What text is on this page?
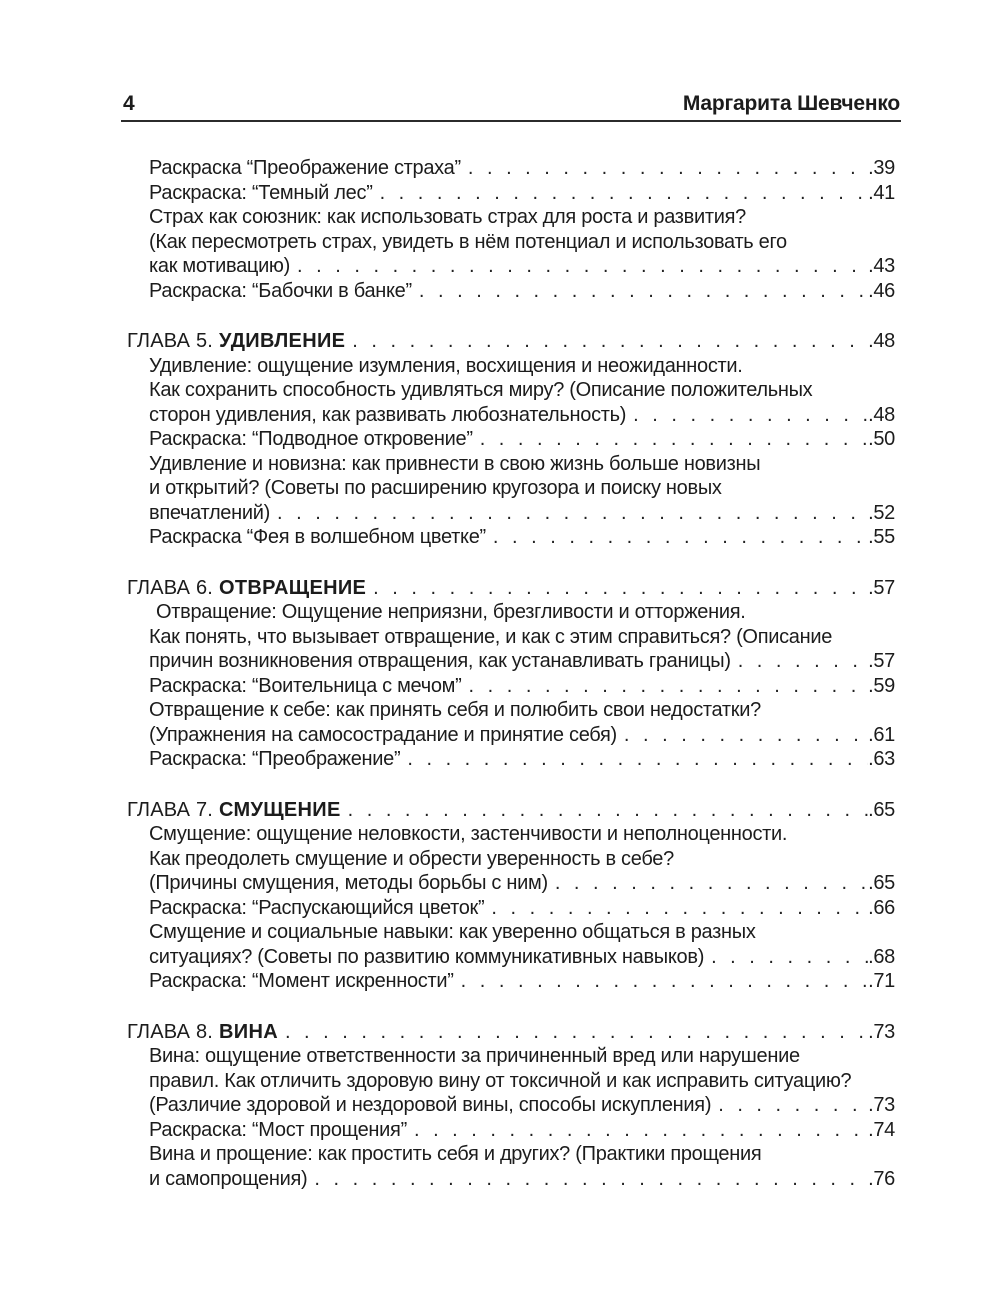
4	Маргарита Шевченко
Раскраска “Преображение страха” . . .	. 39
Раскраска: “Темный лес” . . .	. 41
Страх как союзник: как использовать страх для роста и развития?
(Как пересмотреть страх, увидеть в нём потенциал и использовать его
как мотивацию) . . .	. 43
Раскраска: “Бабочки в банке” . . .	. 46
ГЛАВА 5. УДИВЛЕНИЕ . . .	. 48
Удивление: ощущение изумления, восхищения и неожиданности.
Как сохранить способность удивляться миру? (Описание положительных
сторон удивления, как развивать любознательность) . . .	. 48
Раскраска: “Подводное откровение” . . .	. 50
Удивление и новизна: как привнести в свою жизнь больше новизны
и открытий? (Советы по расширению кругозора и поиску новых
впечатлений) . . .	. 52
Раскраска “Фея в волшебном цветке” . . .	. 55
ГЛАВА 6. ОТВРАЩЕНИЕ . . .	. 57
Отвращение: Ощущение неприязни, брезгливости и отторжения.
Как понять, что вызывает отвращение, и как с этим справиться? (Описание
причин возникновения отвращения, как устанавливать границы) . . .	. 57
Раскраска: “Воительница с мечом” . . .	. 59
Отвращение к себе: как принять себя и полюбить свои недостатки?
(Упражнения на самосострадание и принятие себя) . . .	. 61
Раскраска: “Преображение” . . .	. 63
ГЛАВА 7. СМУЩЕНИЕ . . .	. 65
Смущение: ощущение неловкости, застенчивости и неполноценности.
Как преодолеть смущение и обрести уверенность в себе?
(Причины смущения, методы борьбы с ним) . . .	. 65
Раскраска: “Распускающийся цветок” . . .	. 66
Смущение и социальные навыки: как уверенно общаться в разных
ситуациях? (Советы по развитию коммуникативных навыков) . . .	. 68
Раскраска: “Момент искренности” . . .	. 71
ГЛАВА 8. ВИНА . . .	. 73
Вина: ощущение ответственности за причиненный вред или нарушение
правил. Как отличить здоровую вину от токсичной и как исправить ситуацию?
(Различие здоровой и нездоровой вины, способы искупления) . . .	. 73
Раскраска: “Мост прощения” . . .	. 74
Вина и прощение: как простить себя и других? (Практики прощения
и самопрощения) . . .	. 76
